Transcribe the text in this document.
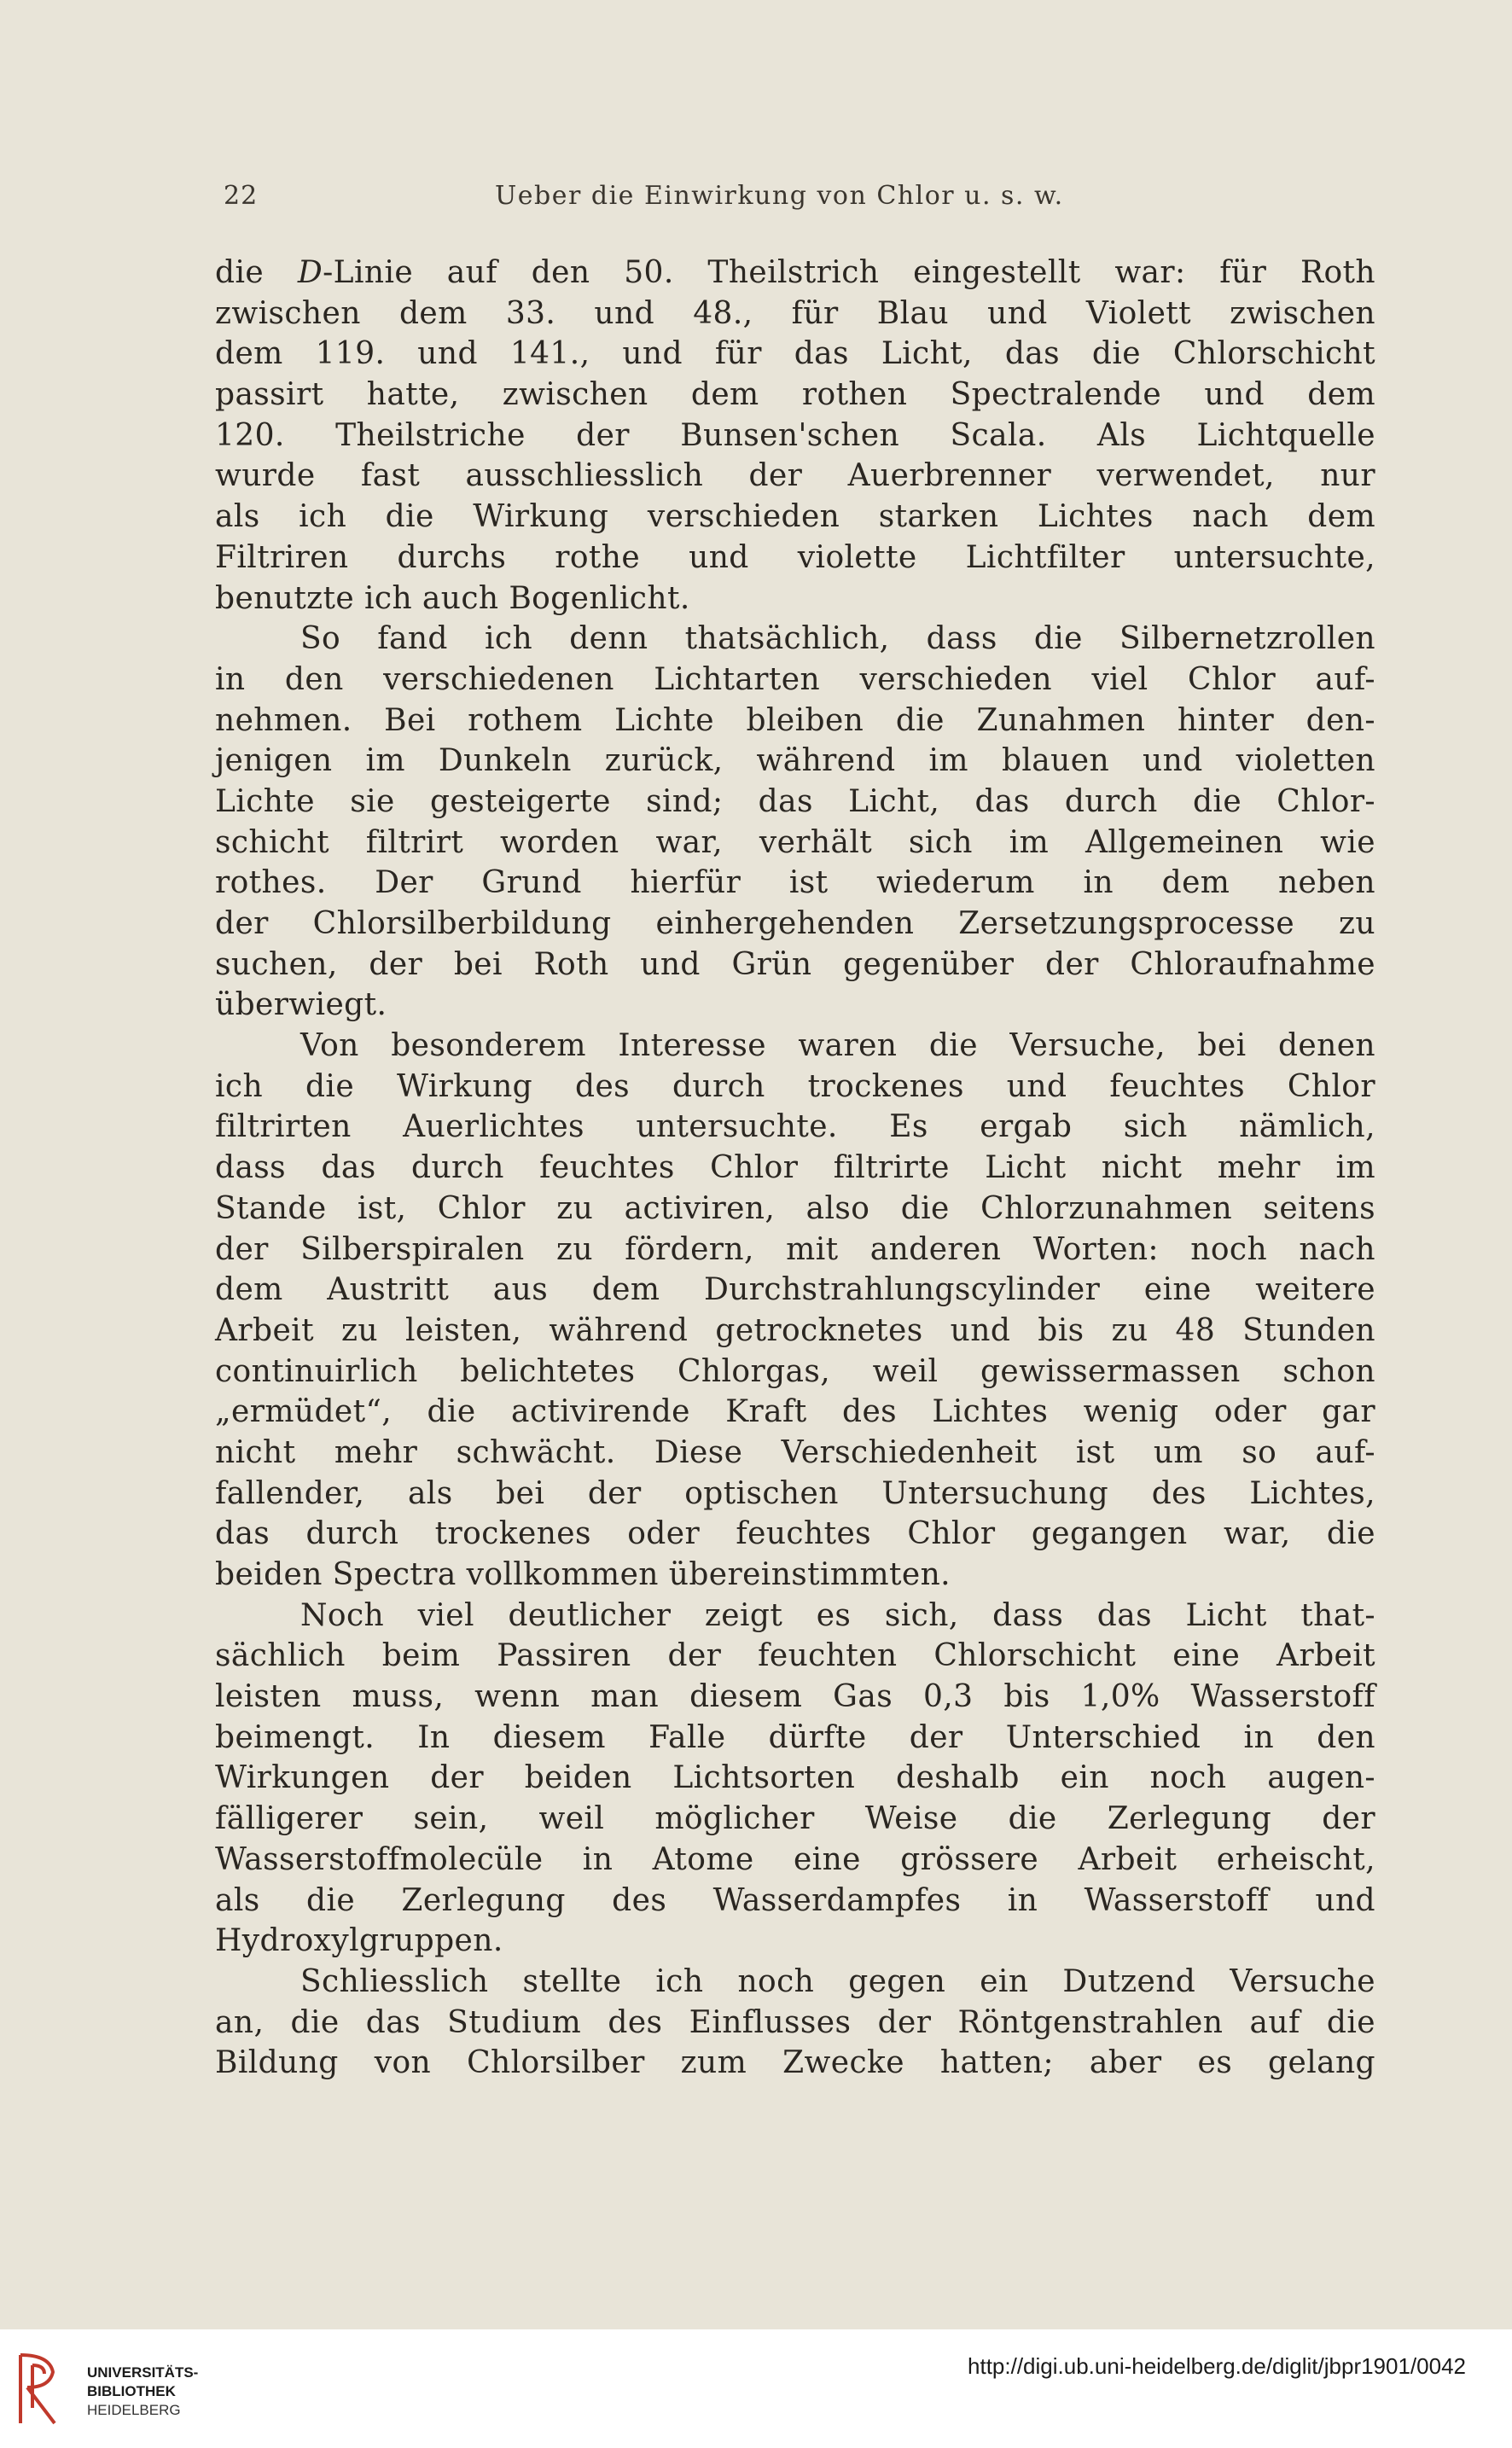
22	Ueber die Einwirkung von Chlor u. s. w.
die D-Linie auf den 50. Theilstrich eingestellt war: für Roth
zwischen dem 33. und 48., für Blau und Violett zwischen
dem 119. und 141., und für das Licht, das die Chlorschicht
passirt hatte, zwischen dem rothen Spectralende und dem
120. Theilstriche der Bunsen'schen Scala. Als Lichtquelle
wurde fast ausschliesslich der Auerbrenner verwendet, nur
als ich die Wirkung verschieden starken Lichtes nach dem
Filtriren durchs rothe und violette Lichtfilter untersuchte,
benutzte ich auch Bogenlicht.
So fand ich denn thatsächlich, dass die Silbernetzrollen
in den verschiedenen Lichtarten verschieden viel Chlor auf-
nehmen. Bei rothem Lichte bleiben die Zunahmen hinter den-
jenigen im Dunkeln zurück, während im blauen und violetten
Lichte sie gesteigerte sind; das Licht, das durch die Chlor-
schicht filtrirt worden war, verhält sich im Allgemeinen wie
rothes. Der Grund hierfür ist wiederum in dem neben
der Chlorsilberbildung einhergehenden Zersetzungsprocesse zu
suchen, der bei Roth und Grün gegenüber der Chloraufnahme
überwiegt.
Von besonderem Interesse waren die Versuche, bei denen
ich die Wirkung des durch trockenes und feuchtes Chlor
filtrirten Auerlichtes untersuchte. Es ergab sich nämlich,
dass das durch feuchtes Chlor filtrirte Licht nicht mehr im
Stande ist, Chlor zu activiren, also die Chlorzunahmen seitens
der Silberspiralen zu fördern, mit anderen Worten: noch nach
dem Austritt aus dem Durchstrahlungscylinder eine weitere
Arbeit zu leisten, während getrocknetes und bis zu 48 Stunden
continuirlich belichtetes Chlorgas, weil gewissermassen schon
„ermüdet“, die activirende Kraft des Lichtes wenig oder gar
nicht mehr schwächt. Diese Verschiedenheit ist um so auf-
fallender, als bei der optischen Untersuchung des Lichtes,
das durch trockenes oder feuchtes Chlor gegangen war, die
beiden Spectra vollkommen übereinstimmten.
Noch viel deutlicher zeigt es sich, dass das Licht that-
sächlich beim Passiren der feuchten Chlorschicht eine Arbeit
leisten muss, wenn man diesem Gas 0,3 bis 1,0% Wasserstoff
beimengt. In diesem Falle dürfte der Unterschied in den
Wirkungen der beiden Lichtsorten deshalb ein noch augen-
fälligerer sein, weil möglicher Weise die Zerlegung der
Wasserstoffmolecüle in Atome eine grössere Arbeit erheischt,
als die Zerlegung des Wasserdampfes in Wasserstoff und
Hydroxylgruppen.
Schliesslich stellte ich noch gegen ein Dutzend Versuche
an, die das Studium des Einflusses der Röntgenstrahlen auf die
Bildung von Chlorsilber zum Zwecke hatten; aber es gelang
UNIVERSITÄTS-
BIBLIOTHEK
HEIDELBERG
http://digi.ub.uni-heidelberg.de/diglit/jbpr1901/0042
